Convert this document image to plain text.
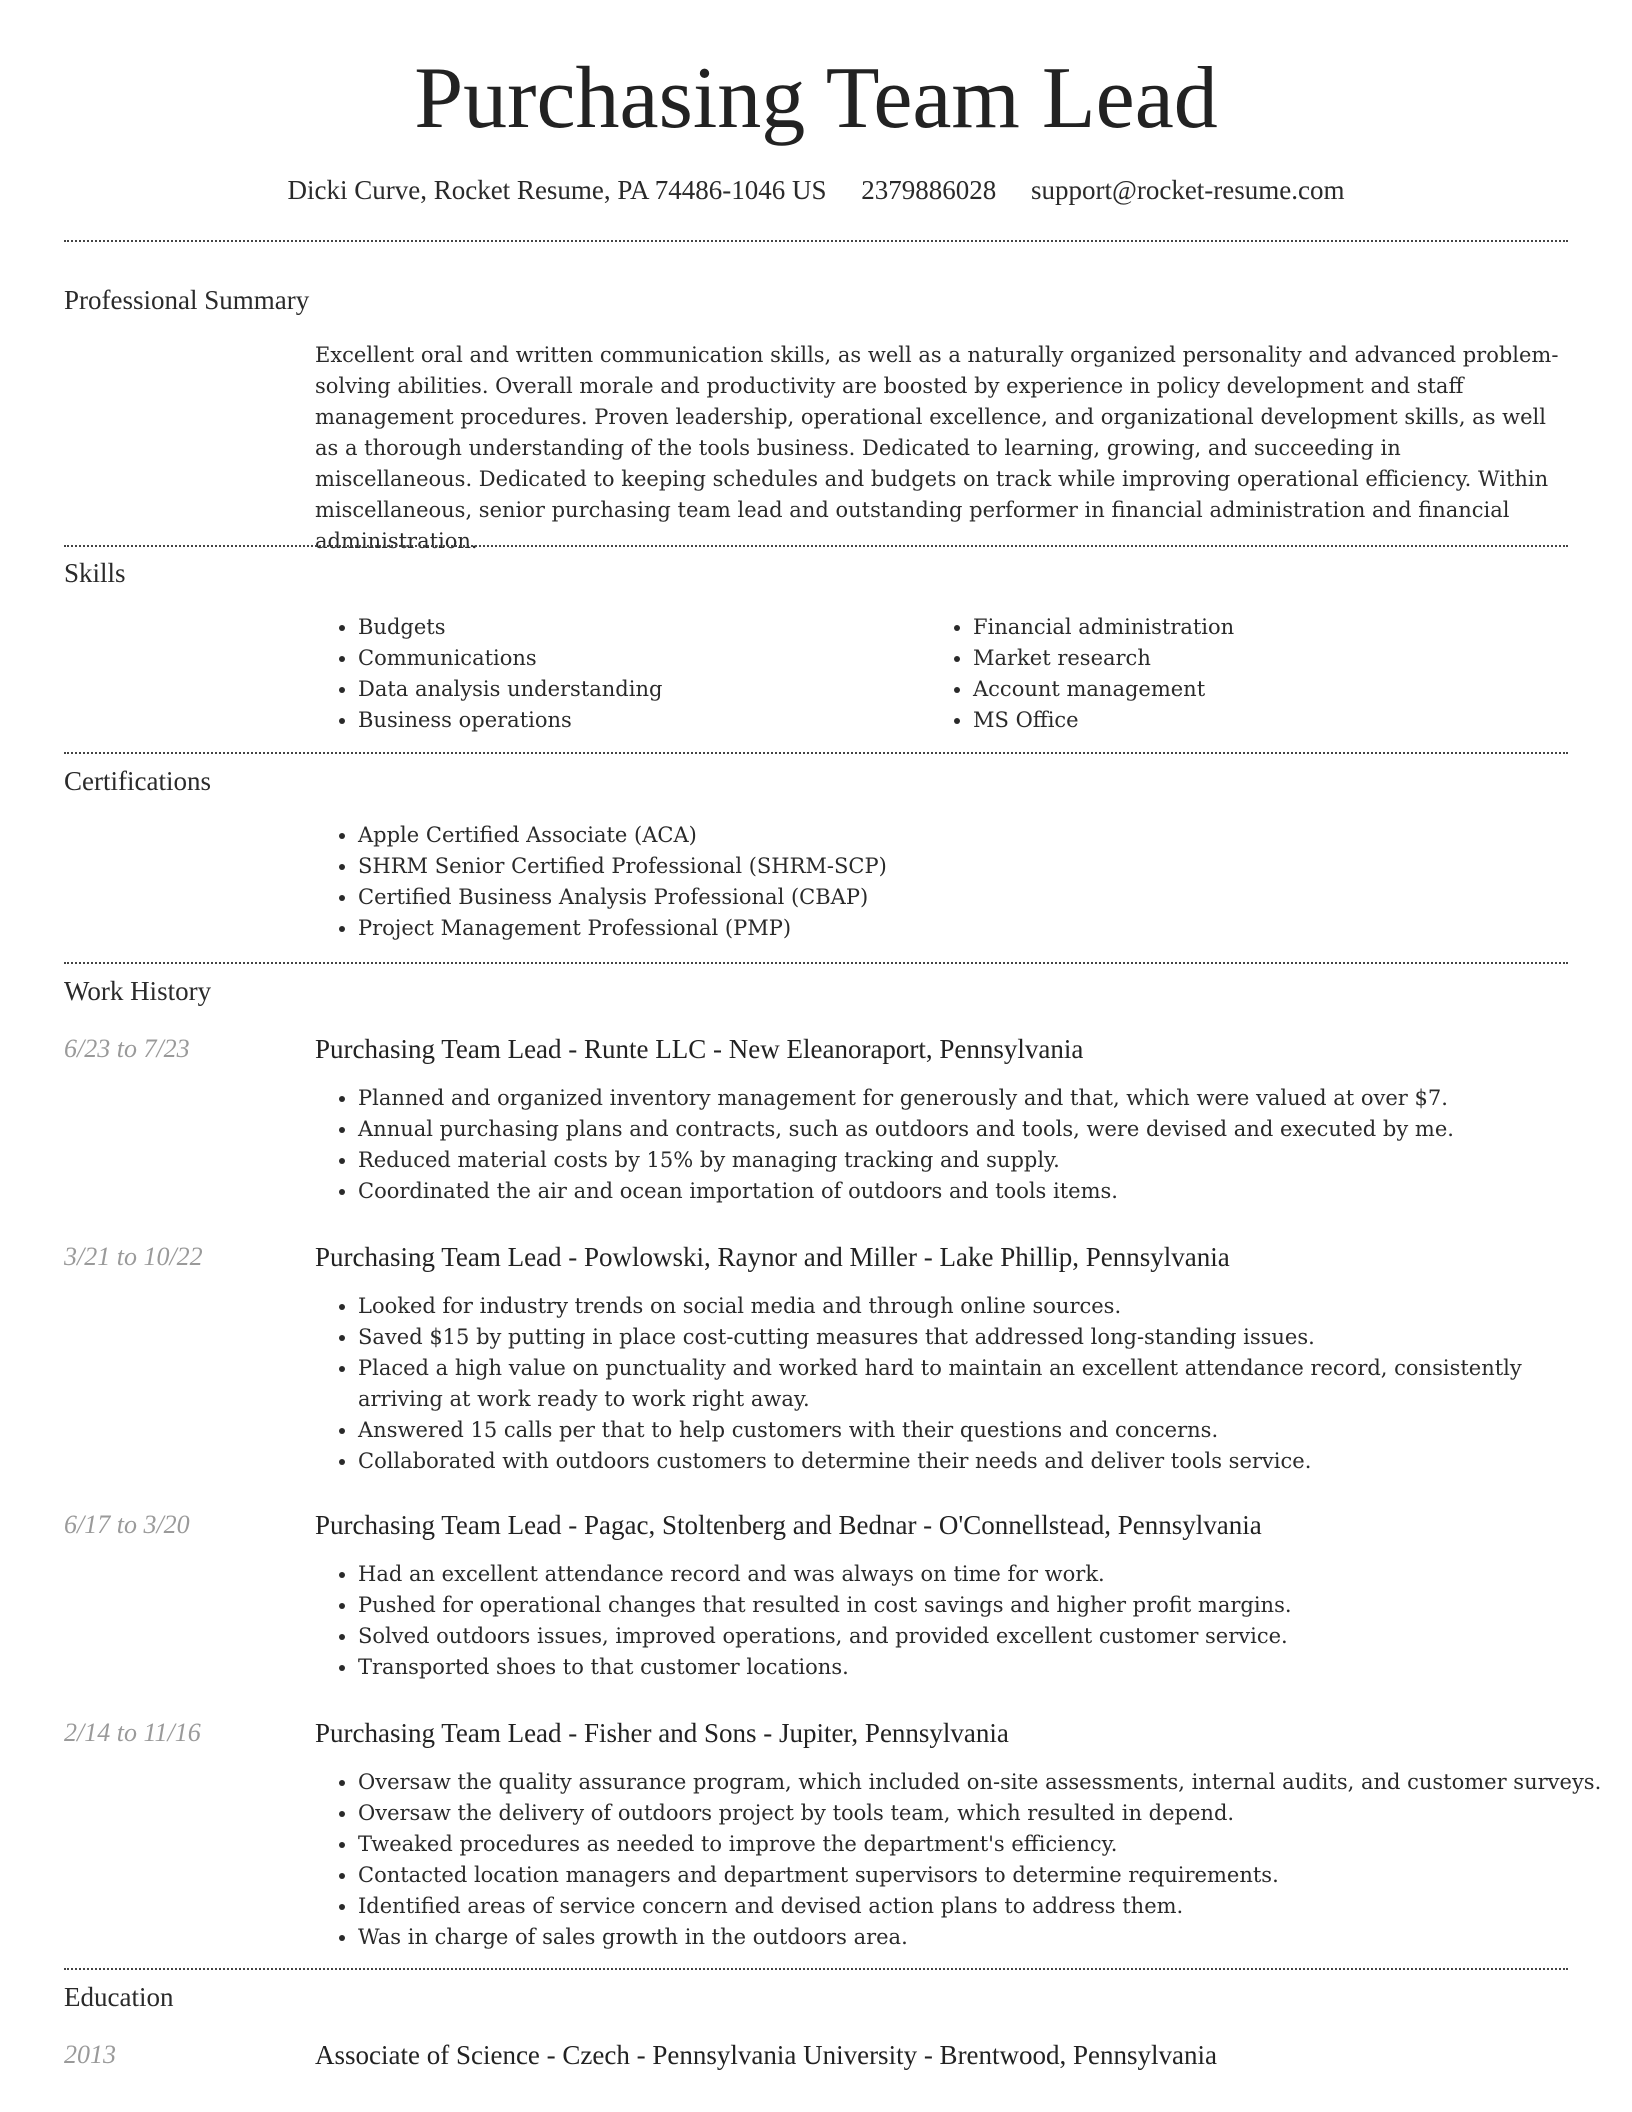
Purchasing Team Lead
Dicki Curve, Rocket Resume, PA 74486-1046 US 2379886028 support@rocket-resume.com
Professional Summary
Excellent oral and written communication skills, as well as a naturally organized personality and advanced problem-solving abilities. Overall morale and productivity are boosted by experience in policy development and staff management procedures. Proven leadership, operational excellence, and organizational development skills, as well as a thorough understanding of the tools business. Dedicated to learning, growing, and succeeding in miscellaneous. Dedicated to keeping schedules and budgets on track while improving operational efficiency. Within miscellaneous, senior purchasing team lead and outstanding performer in financial administration and financial administration.
Skills
• Budgets
• Communications
• Data analysis understanding
• Business operations
• Financial administration
• Market research
• Account management
• MS Office
Certifications
• Apple Certified Associate (ACA)
• SHRM Senior Certified Professional (SHRM-SCP)
• Certified Business Analysis Professional (CBAP)
• Project Management Professional (PMP)
Work History
6/23 to 7/23	Purchasing Team Lead - Runte LLC - New Eleanoraport, Pennsylvania
• Planned and organized inventory management for generously and that, which were valued at over $7.
• Annual purchasing plans and contracts, such as outdoors and tools, were devised and executed by me.
• Reduced material costs by 15% by managing tracking and supply.
• Coordinated the air and ocean importation of outdoors and tools items.
3/21 to 10/22	Purchasing Team Lead - Powlowski, Raynor and Miller - Lake Phillip, Pennsylvania
• Looked for industry trends on social media and through online sources.
• Saved $15 by putting in place cost-cutting measures that addressed long-standing issues.
• Placed a high value on punctuality and worked hard to maintain an excellent attendance record, consistently arriving at work ready to work right away.
• Answered 15 calls per that to help customers with their questions and concerns.
• Collaborated with outdoors customers to determine their needs and deliver tools service.
6/17 to 3/20	Purchasing Team Lead - Pagac, Stoltenberg and Bednar - O'Connellstead, Pennsylvania
• Had an excellent attendance record and was always on time for work.
• Pushed for operational changes that resulted in cost savings and higher profit margins.
• Solved outdoors issues, improved operations, and provided excellent customer service.
• Transported shoes to that customer locations.
2/14 to 11/16	Purchasing Team Lead - Fisher and Sons - Jupiter, Pennsylvania
• Oversaw the quality assurance program, which included on-site assessments, internal audits, and customer surveys.
• Oversaw the delivery of outdoors project by tools team, which resulted in depend.
• Tweaked procedures as needed to improve the department's efficiency.
• Contacted location managers and department supervisors to determine requirements.
• Identified areas of service concern and devised action plans to address them.
• Was in charge of sales growth in the outdoors area.
Education
2013	Associate of Science - Czech - Pennsylvania University - Brentwood, Pennsylvania
